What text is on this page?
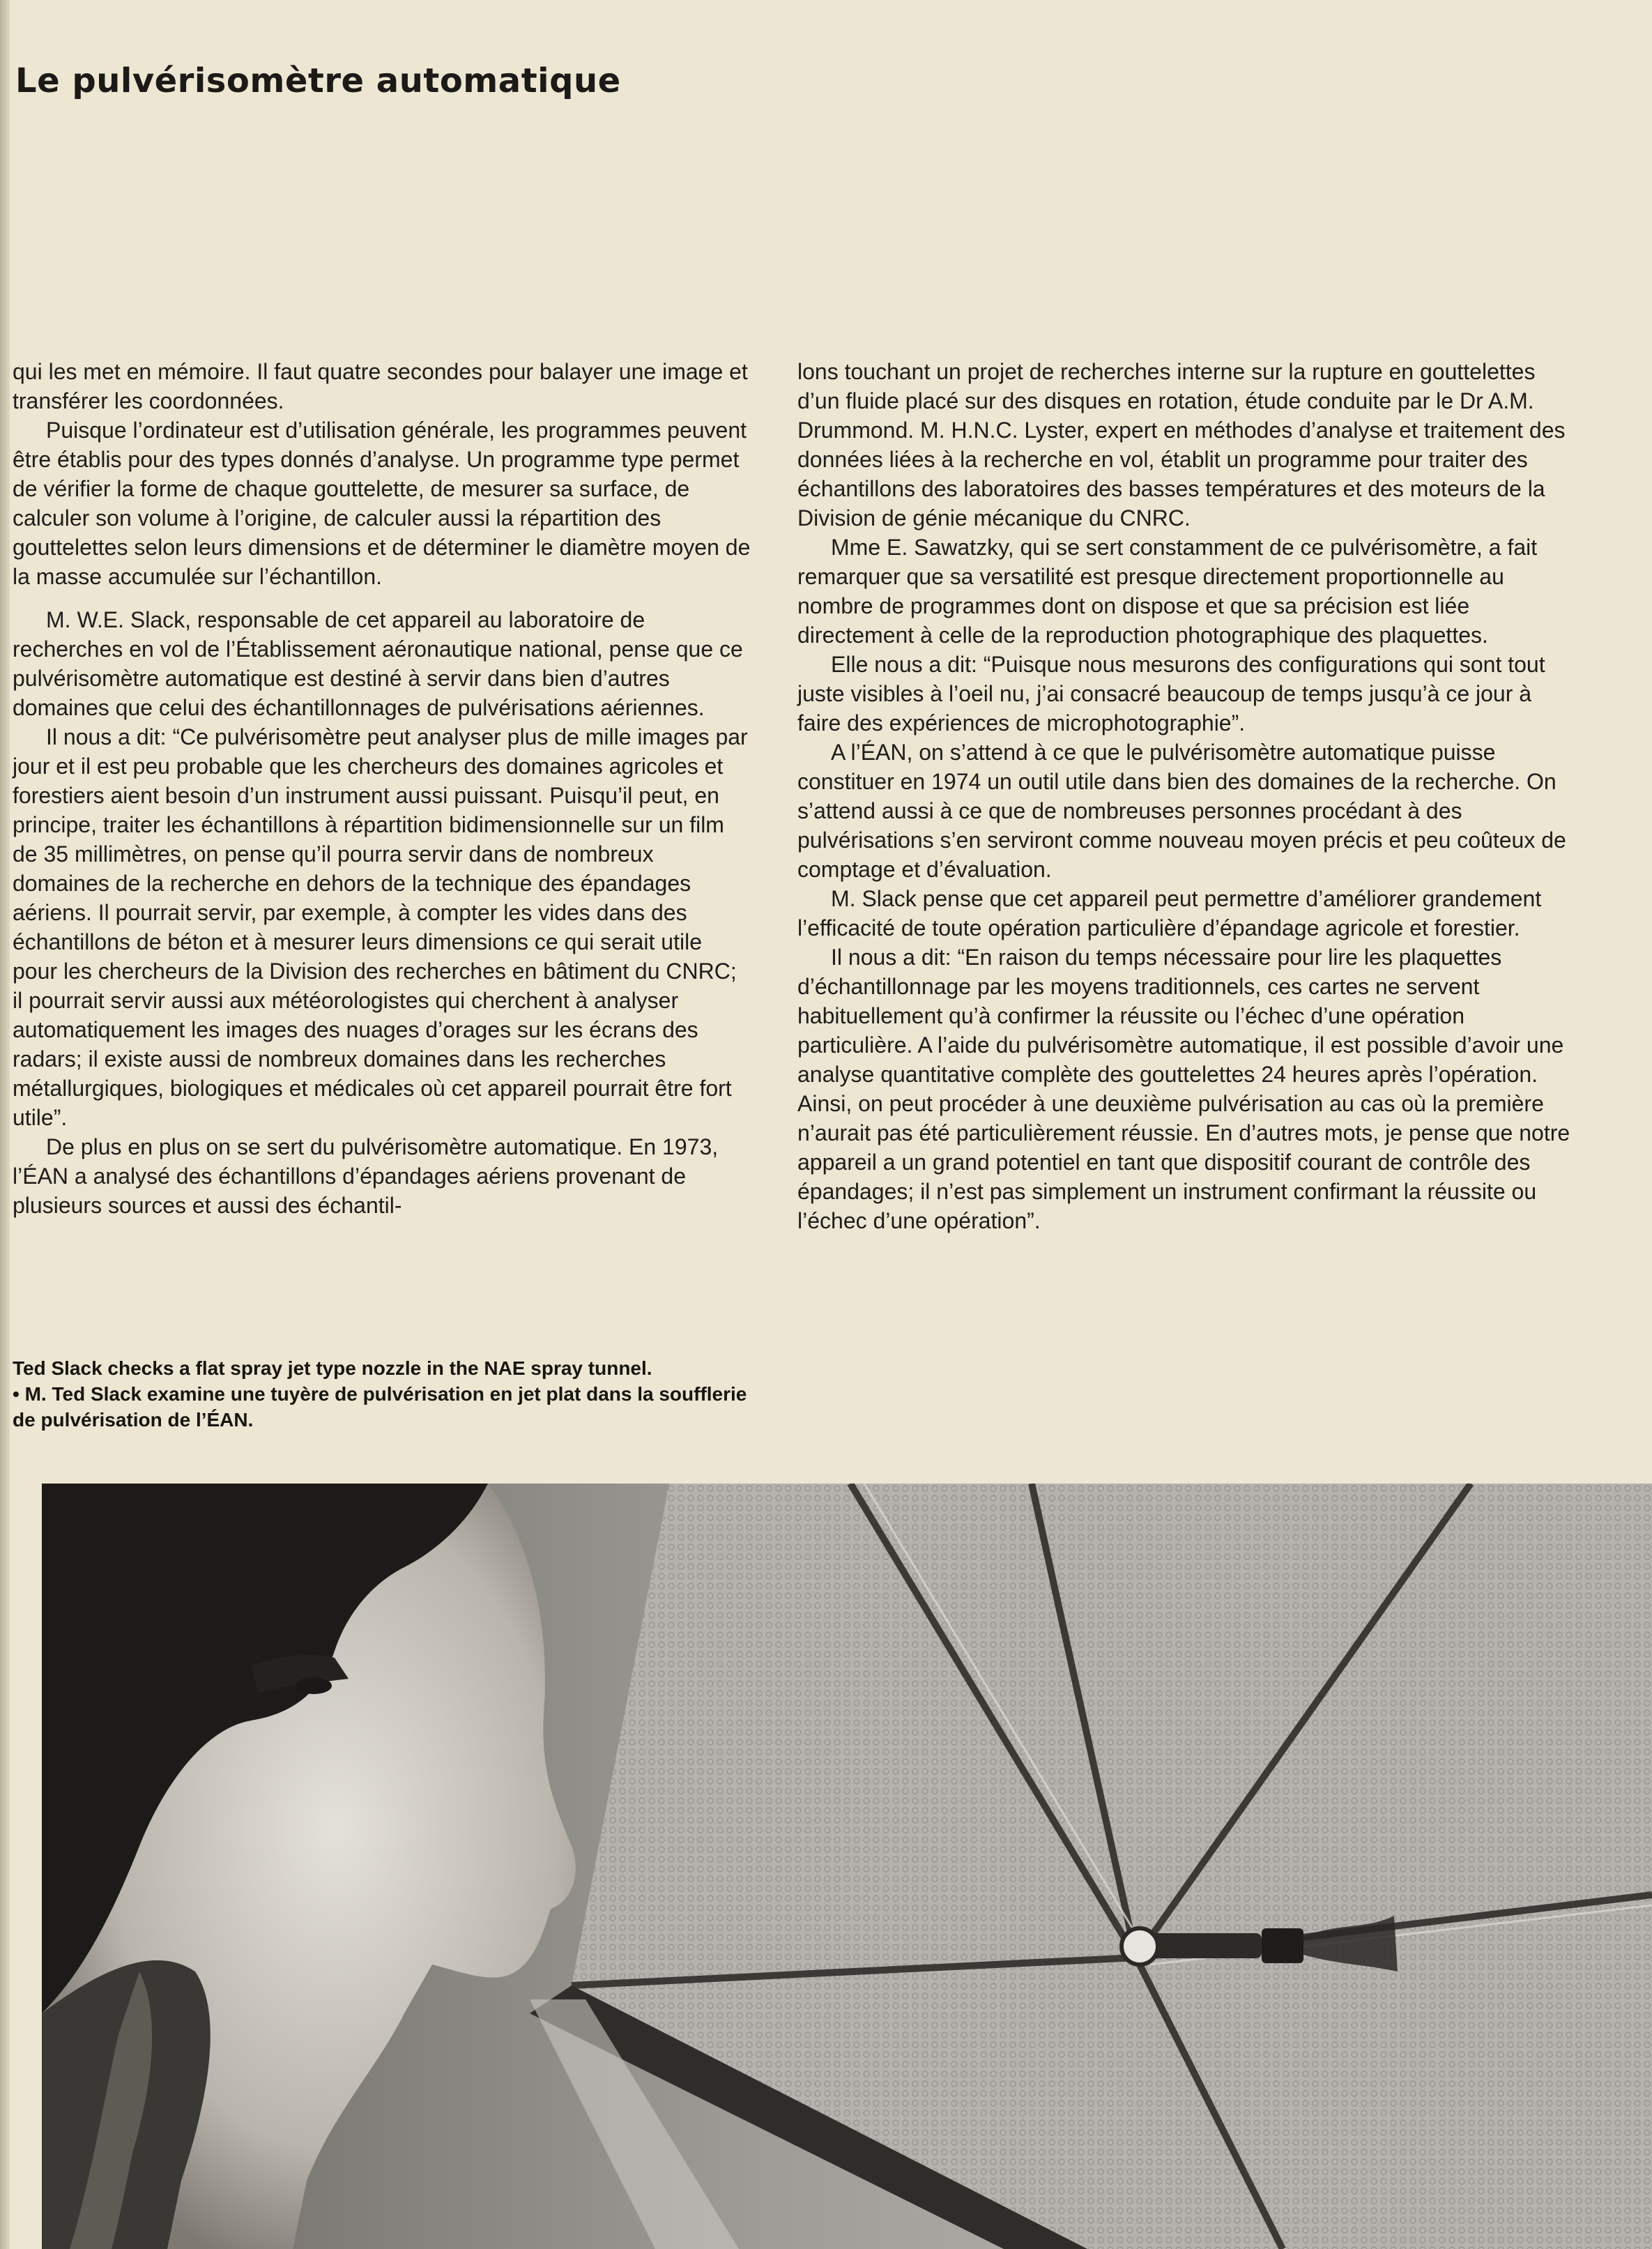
Le pulvérisomètre automatique

qui les met en mémoire. Il faut quatre secondes pour balayer une image et transférer les coordonnées.

Puisque l’ordinateur est d’utilisation générale, les programmes peuvent être établis pour des types donnés d’analyse. Un programme type permet de vérifier la forme de chaque gouttelette, de mesurer sa surface, de calculer son volume à l’origine, de calculer aussi la répartition des gouttelettes selon leurs dimensions et de déterminer le diamètre moyen de la masse accumulée sur l’échantillon.

M. W.E. Slack, responsable de cet appareil au laboratoire de recherches en vol de l’Établissement aéronautique national, pense que ce pulvérisomètre automatique est destiné à servir dans bien d’autres domaines que celui des échantillonnages de pulvérisations aériennes.

Il nous a dit: “Ce pulvérisomètre peut analyser plus de mille images par jour et il est peu probable que les chercheurs des domaines agricoles et forestiers aient besoin d’un instrument aussi puissant. Puisqu’il peut, en principe, traiter les échantillons à répartition bidimensionnelle sur un film de 35 millimètres, on pense qu’il pourra servir dans de nombreux domaines de la recherche en dehors de la technique des épandages aériens. Il pourrait servir, par exemple, à compter les vides dans des échantillons de béton et à mesurer leurs dimensions ce qui serait utile pour les chercheurs de la Division des recherches en bâtiment du CNRC; il pourrait servir aussi aux météorologistes qui cherchent à analyser automatiquement les images des nuages d’orages sur les écrans des radars; il existe aussi de nombreux domaines dans les recherches métallurgiques, biologiques et médicales où cet appareil pourrait être fort utile”.

De plus en plus on se sert du pulvérisomètre automatique. En 1973, l’ÉAN a analysé des échantillons d’épandages aériens provenant de plusieurs sources et aussi des échantil-

lons touchant un projet de recherches interne sur la rupture en gouttelettes d’un fluide placé sur des disques en rotation, étude conduite par le Dr A.M. Drummond. M. H.N.C. Lyster, expert en méthodes d’analyse et traitement des données liées à la recherche en vol, établit un programme pour traiter des échantillons des laboratoires des basses températures et des moteurs de la Division de génie mécanique du CNRC.

Mme E. Sawatzky, qui se sert constamment de ce pulvérisomètre, a fait remarquer que sa versatilité est presque directement proportionnelle au nombre de programmes dont on dispose et que sa précision est liée directement à celle de la reproduction photographique des plaquettes.

Elle nous a dit: “Puisque nous mesurons des configurations qui sont tout juste visibles à l’oeil nu, j’ai consacré beaucoup de temps jusqu’à ce jour à faire des expériences de microphotographie”.

A l’ÉAN, on s’attend à ce que le pulvérisomètre automatique puisse constituer en 1974 un outil utile dans bien des domaines de la recherche. On s’attend aussi à ce que de nombreuses personnes procédant à des pulvérisations s’en serviront comme nouveau moyen précis et peu coûteux de comptage et d’évaluation.

M. Slack pense que cet appareil peut permettre d’améliorer grandement l’efficacité de toute opération particulière d’épandage agricole et forestier.

Il nous a dit: “En raison du temps nécessaire pour lire les plaquettes d’échantillonnage par les moyens traditionnels, ces cartes ne servent habituellement qu’à confirmer la réussite ou l’échec d’une opération particulière. A l’aide du pulvérisomètre automatique, il est possible d’avoir une analyse quantitative complète des gouttelettes 24 heures après l’opération. Ainsi, on peut procéder à une deuxième pulvérisation au cas où la première n’aurait pas été particulièrement réussie. En d’autres mots, je pense que notre appareil a un grand potentiel en tant que dispositif courant de contrôle des épandages; il n’est pas simplement un instrument confirmant la réussite ou l’échec d’une opération”.

Ted Slack checks a flat spray jet type nozzle in the NAE spray tunnel.

• M. Ted Slack examine une tuyère de pulvérisation en jet plat dans la soufflerie de pulvérisation de l’ÉAN.
